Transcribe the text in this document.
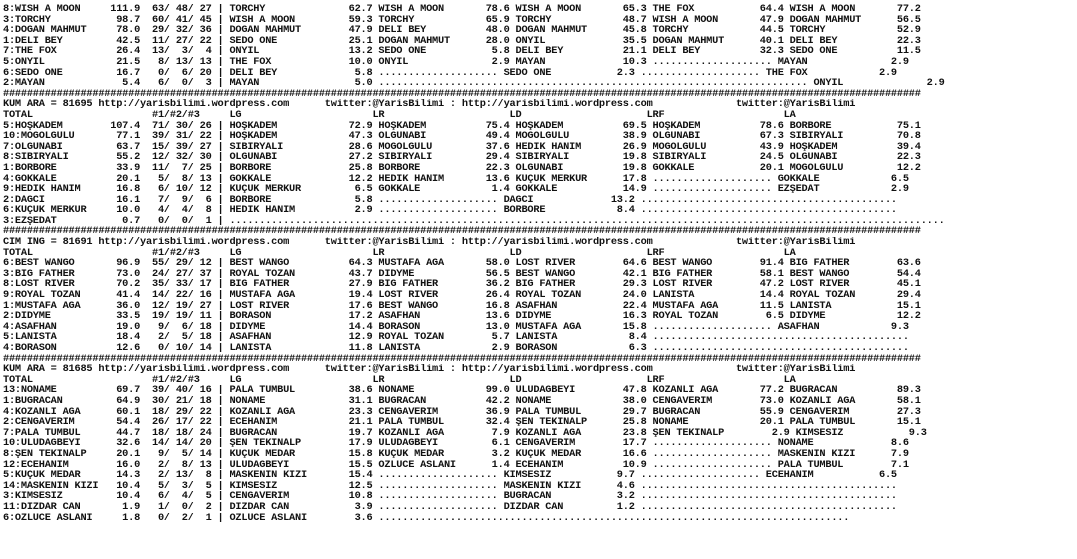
8:WISH A MOON     111.9  63/ 48/ 27 | TORCHY              62.7 WISH A MOON       78.6 WISH A MOON       65.3 THE FOX           64.4 WISH A MOON       77.2
3:TORCHY           98.7  60/ 41/ 45 | WISH A MOON         59.3 TORCHY            65.9 TORCHY            48.7 WISH A MOON       47.9 DOĞAN MAHMUT      56.5
4:DOĞAN MAHMUT     78.0  29/ 32/ 36 | DOĞAN MAHMUT        47.9 DELİ BEY          48.0 DOĞAN MAHMUT      45.8 TORCHY            44.5 TORCHY            52.9
1:DELİ BEY         42.5  11/ 27/ 22 | SEDO ONE            25.1 DOĞAN MAHMUT      28.0 ONYIL             35.5 DOĞAN MAHMUT      40.1 DELİ BEY          22.3
7:THE FOX          26.4  13/  3/  4 | ONYIL               13.2 SEDO ONE           5.8 DELİ BEY          21.1 DELİ BEY          32.3 SEDO ONE          11.5
5:ONYIL            21.5   8/ 13/ 13 | THE FOX             10.0 ONYIL              2.9 MAYAN             10.3 .................... MAYAN              2.9
6:SEDO ONE         16.7   0/  6/ 20 | DELİ BEY             5.8 .................... SEDO ONE           2.3 .................... THE FOX            2.9
2:MAYAN             5.4   6/  0/  3 | MAYAN                5.0 ........................................................................ ONYIL              2.9
##########################################################################################################################################################
KUM ARA = 81695 http://yarisbilimi.wordpress.com      twitter:@YarisBilimi : http://yarisbilimi.wordpress.com              twitter:@YarisBilimi
TOTAL                    #1/#2/#3     LG                      LR                     LD                     LRF                    LA
5:HOŞKADEM        107.4  71/ 30/ 26 | HOŞKADEM            72.9 HOŞKADEM          75.4 HOŞKADEM          69.5 HOŞKADEM          78.6 BORBORE           75.1
10:MOĞOLGÜLÜ       77.1  39/ 31/ 22 | HOŞKADEM            47.3 OLGUNABİ          49.4 MOĞOLGÜLÜ         38.9 OLGUNABİ          67.3 SİBİRYALI         70.8
7:OLGUNABİ         63.7  15/ 39/ 27 | SİBİRYALI           28.6 MOĞOLGÜLÜ         37.6 HEDİK HANIM       26.9 MOĞOLGÜLÜ         43.9 HOŞKADEM          39.4
8:SİBİRYALI        55.2  12/ 32/ 30 | OLGUNABİ            27.2 SİBİRYALI         29.4 SİBİRYALI         19.8 SİBİRYALI         24.5 OLGUNABİ          22.3
1:BORBORE          33.9  11/  7/ 25 | BORBORE             25.8 BORBORE           22.3 OLGUNABİ          19.8 GÖKKALE           20.1 MOĞOLGÜLÜ         12.2
4:GÖKKALE          20.1   5/  8/ 13 | GÖKKALE             12.2 HEDİK HANIM       13.6 KÜÇÜK MERKÜR      17.8 .................... GÖKKALE            6.5
9:HEDİK HANIM      16.8   6/ 10/ 12 | KÜÇÜK MERKÜR         6.5 GÖKKALE            1.4 GÖKKALE           14.9 .................... EZŞEDAT            2.9
2:DAĞCI            16.1   7/  9/  6 | BORBORE              5.8 .................... DAĞCI             13.2 ...........................................
6:KÜÇÜK MERKÜR     10.0   4/  4/  8 | HEDİK HANIM          2.9 .................... BORBORE            8.4 ...........................................
3:EZŞEDAT           0.7   0/  0/  1 | ........................................................................................................................
##########################################################################################################################################################
CIM ING = 81691 http://yarisbilimi.wordpress.com      twitter:@YarisBilimi : http://yarisbilimi.wordpress.com              twitter:@YarisBilimi
TOTAL                    #1/#2/#3     LG                      LR                     LD                     LRF                    LA
6:BEST WANGO       96.9  55/ 29/ 12 | BEST WANGO          64.3 MUSTAFA AGA       58.0 LOST RIVER        64.6 BEST WANGO        91.4 BIG FATHER        63.6
3:BIG FATHER       73.0  24/ 27/ 37 | ROYAL TOZAN         43.7 DIDYME            56.5 BEST WANGO        42.1 BIG FATHER        58.1 BEST WANGO        54.4
8:LOST RIVER       70.2  35/ 33/ 17 | BIG FATHER          27.9 BIG FATHER        36.2 BIG FATHER        29.3 LOST RIVER        47.2 LOST RIVER        45.1
9:ROYAL TOZAN      41.4  14/ 22/ 16 | MUSTAFA AGA         19.4 LOST RIVER        26.4 ROYAL TOZAN       24.0 LANISTA           14.4 ROYAL TOZAN       29.4
1:MUSTAFA AGA      36.0  12/ 19/ 27 | LOST RIVER          17.6 BEST WANGO        16.8 ASAFHAN           22.4 MUSTAFA AGA       11.5 LANISTA           15.1
2:DIDYME           33.5  19/ 19/ 11 | BORASON             17.2 ASAFHAN           13.6 DIDYME            16.3 ROYAL TOZAN        6.5 DIDYME            12.2
4:ASAFHAN          19.0   9/  6/ 18 | DIDYME              14.4 BORASON           13.0 MUSTAFA AGA       15.8 .................... ASAFHAN            9.3
5:LANISTA          18.4   2/  5/ 18 | ASAFHAN             12.9 ROYAL TOZAN        5.7 LANISTA            8.4 ...........................................
4:BORASON          12.6   0/ 10/ 14 | LANISTA             11.8 LANISTA            2.9 BORASON            6.3 ...........................................
##########################################################################################################################################################
KUM ARA = 81685 http://yarisbilimi.wordpress.com      twitter:@YarisBilimi : http://yarisbilimi.wordpress.com              twitter:@YarisBilimi
TOTAL                    #1/#2/#3     LG                      LR                     LD                     LRF                    LA
13:NONAME          69.7  39/ 40/ 16 | PALA TUMBUL         38.6 NONAME            99.0 ULUDAĞBEYİ        47.8 KOZANLI AĞA       77.2 BUĞRACAN          89.3
1:BUĞRACAN         64.9  30/ 21/ 18 | NONAME              31.1 BUĞRACAN          42.2 NONAME            38.0 CENGAVERİM        73.0 KOZANLI AĞA       58.1
4:KOZANLI AĞA      60.1  18/ 29/ 22 | KOZANLI AĞA         23.3 CENGAVERİM        36.9 PALA TUMBUL       29.7 BUĞRACAN          55.9 CENGAVERİM        27.3
2:CENGAVERİM       54.4  26/ 17/ 22 | ECEHANIM            21.1 PALA TUMBUL       32.4 ŞEN TEKİNALP      25.8 NONAME            20.1 PALA TUMBUL       15.1
7:PALA TUMBUL      44.7  18/ 18/ 24 | BUĞRACAN            19.7 KOZANLI AĞA        7.9 KOZANLI AĞA       23.8 ŞEN TEKİNALP        2.9 KİMSESİZ           9.3
10:ULUDAĞBEYİ      32.6  14/ 14/ 20 | ŞEN TEKİNALP        17.9 ULUDAĞBEYİ         6.1 CENGAVERİM        17.7 .................... NONAME             8.6
8:ŞEN TEKİNALP     20.1   9/  5/ 14 | KÜÇÜK MEDAR         15.8 KÜÇÜK MEDAR        3.2 KÜÇÜK MEDAR       16.6 .................... MASKENİN KIZI      7.9
12:ECEHANIM        16.0   2/  8/ 13 | ULUDAĞBEYİ          15.5 ÖZLÜCE ASLANI      1.4 ECEHANIM          10.9 .................... PALA TUMBUL        7.1
5:KÜÇÜK MEDAR      14.3   2/ 13/  8 | MASKENİN KIZI       15.4 .................... KİMSESİZ           9.7 .................... ECEHANIM           6.5
14:MASKENİN KIZI   10.4   5/  3/  5 | KİMSESİZ            12.5 .................... MASKENİN KIZI      4.6 ...........................................
3:KİMSESİZ         10.4   6/  4/  5 | CENGAVERİM          10.8 .................... BUĞRACAN           3.2 ...........................................
11:DIZDAR CAN       1.9   1/  0/  2 | DIZDAR CAN           3.9 .................... DIZDAR CAN         1.2 ...........................................
6:ÖZLÜCE ASLANI     1.8   0/  2/  1 | ÖZLÜCE ASLANI        3.6 ...............................................................................
